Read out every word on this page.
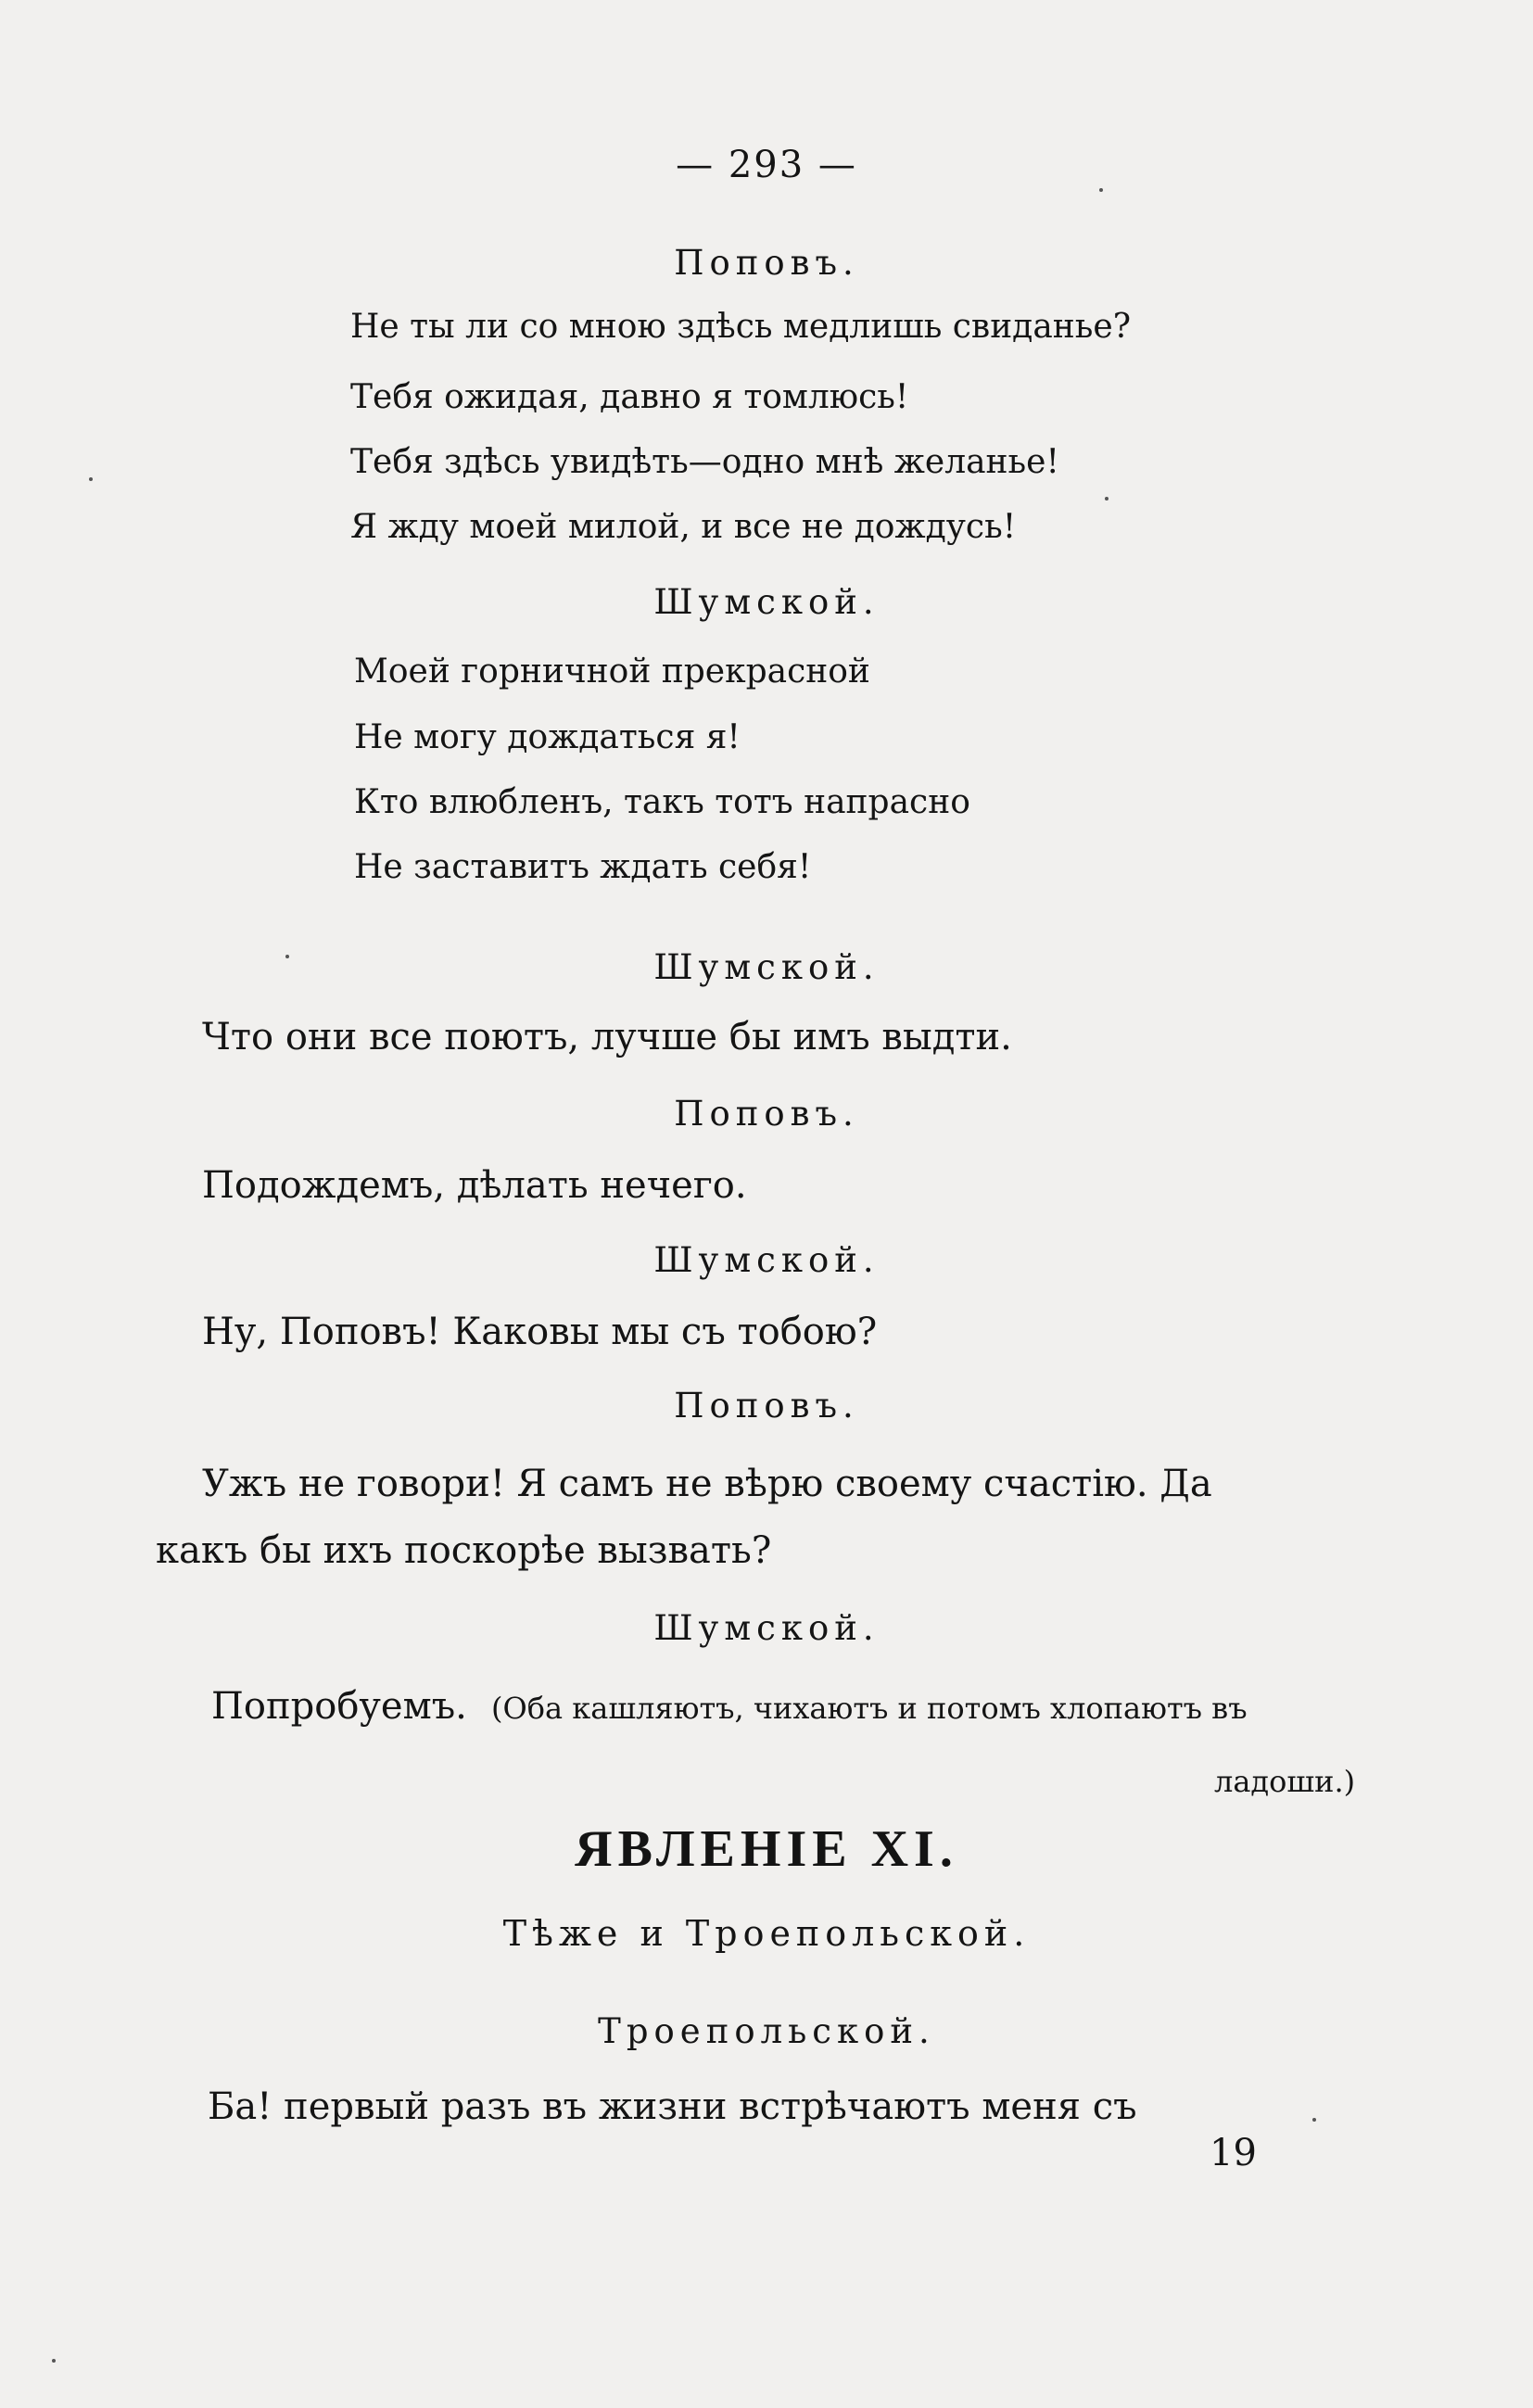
— 293 —
Поповъ.
Не ты ли со мною здѣсь медлишь свиданье?
Тебя ожидая, давно я томлюсь!
Тебя здѣсь увидѣть—одно мнѣ желанье!
Я жду моей милой, и все не дождусь!
Шумской.
Моей горничной прекрасной
Не могу дождаться я!
Кто влюбленъ, такъ тотъ напрасно
Не заставитъ ждать себя!
Шумской.
Что они все поютъ, лучше бы имъ выдти.
Поповъ.
Подождемъ, дѣлать нечего.
Шумской.
Ну, Поповъ! Каковы мы съ тобою?
Поповъ.
Ужъ не говори! Я самъ не вѣрю своему счастію. Да
какъ бы ихъ поскорѣе вызвать?
Шумской.
Попробуемъ. (Оба кашляютъ, чихаютъ и потомъ хлопаютъ въ
ладоши.)
ЯВЛЕНІЕ XI.
Тѣже и Троепольской.
Троепольской.
Ба! первый разъ въ жизни встрѣчаютъ меня съ
19
